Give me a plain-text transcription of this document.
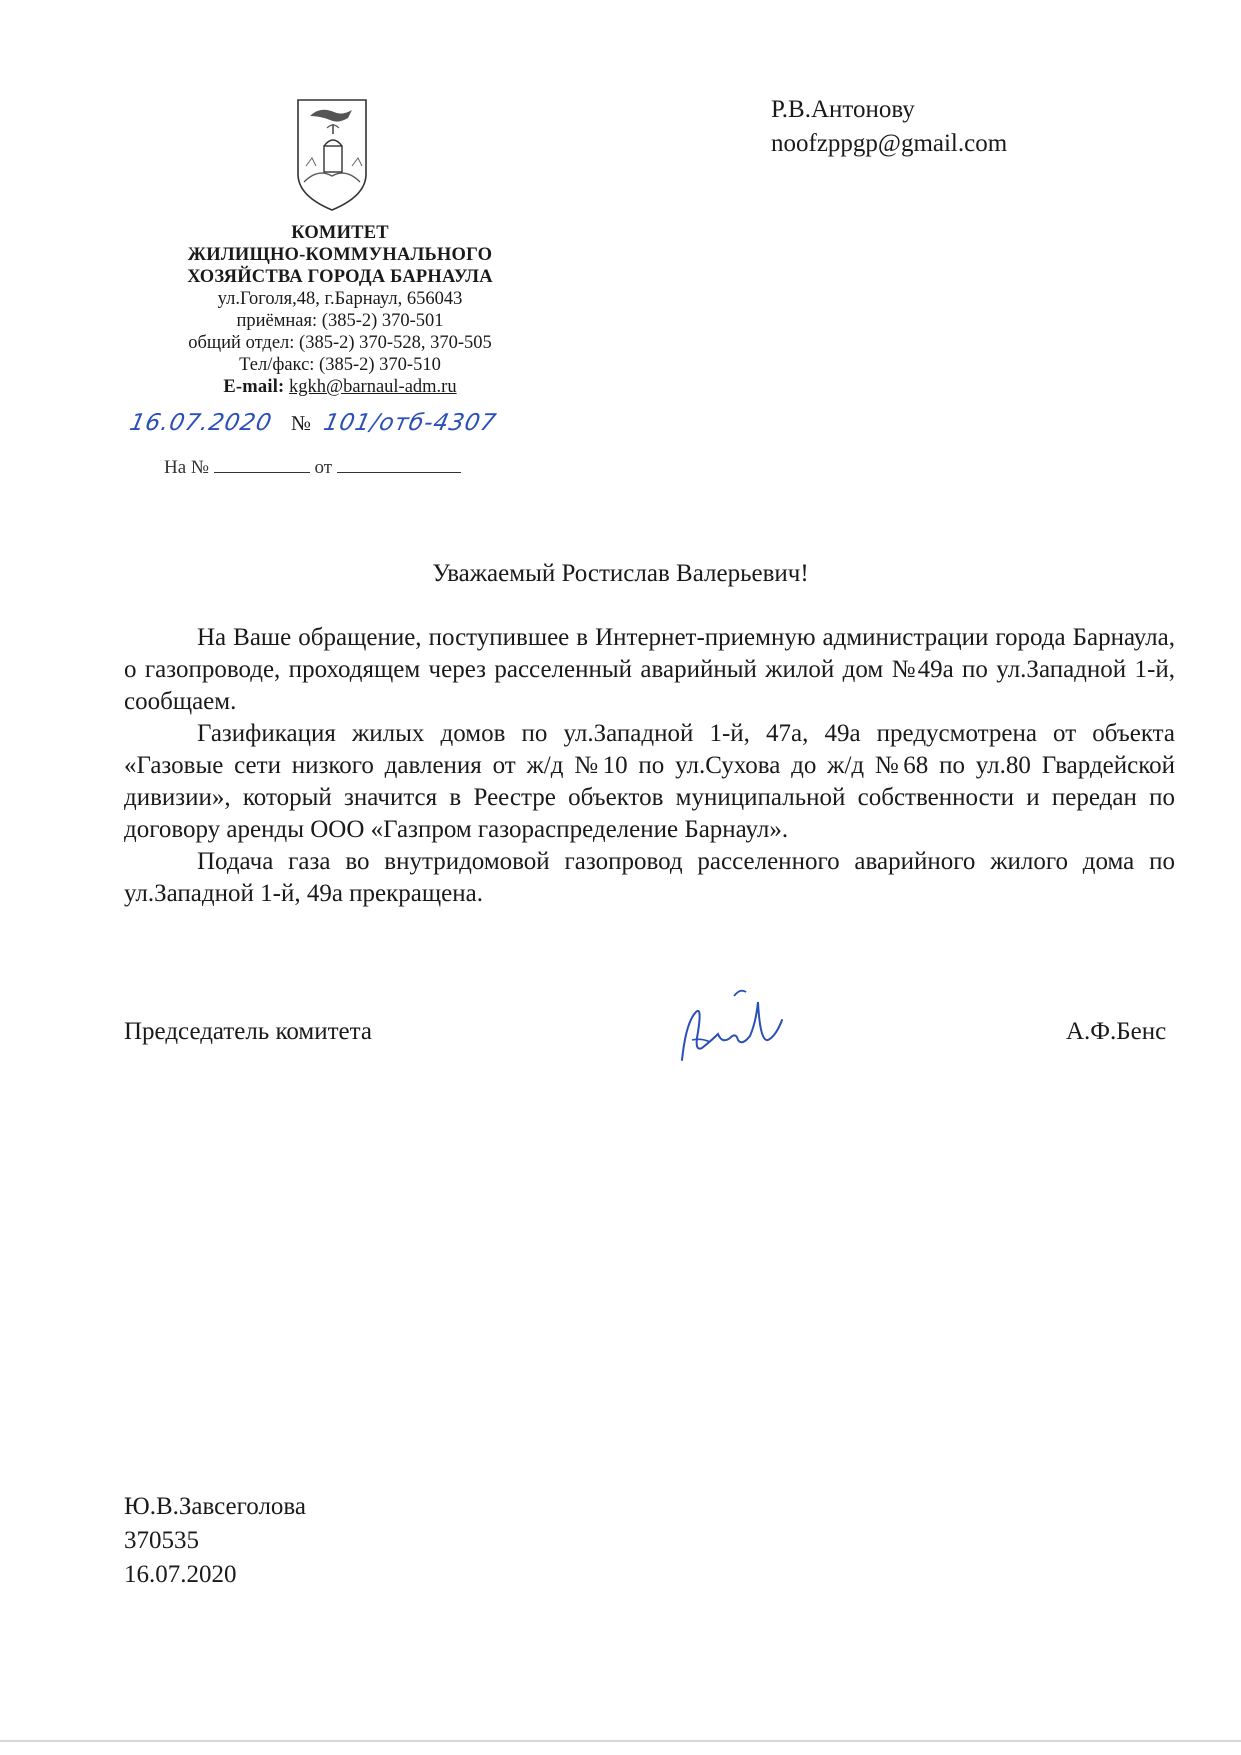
КОМИТЕТ
ЖИЛИЩНО-КОММУНАЛЬНОГО
ХОЗЯЙСТВА ГОРОДА БАРНАУЛА
ул.Гоголя,48, г.Барнаул, 656043
приёмная: (385-2) 370-501
общий отдел: (385-2) 370-528, 370-505
Тел/факс: (385-2) 370-510
E-mail: kgkh@barnaul-adm.ru
16.07.2020 № 101/отб-4307
На №	от
Р.В.Антонову
noofzppgp@gmail.com
Уважаемый Ростислав Валерьевич!

На Ваше обращение, поступившее в Интернет-приемную администрации города Барнаула, о газопроводе, проходящем через расселенный аварийный жилой дом №49а по ул.Западной 1-й, сообщаем.

Газификация жилых домов по ул.Западной 1-й, 47а, 49а предусмотрена от объекта «Газовые сети низкого давления от ж/д №10 по ул.Сухова до ж/д №68 по ул.80 Гвардейской дивизии», который значится в Реестре объектов муниципальной собственности и передан по договору аренды ООО «Газпром газораспределение Барнаул».

Подача газа во внутридомовой газопровод расселенного аварийного жилого дома по ул.Западной 1-й, 49а прекращена.

Председатель комитета	А.Ф.Бенс
Ю.В.Завсеголова
370535
16.07.2020
